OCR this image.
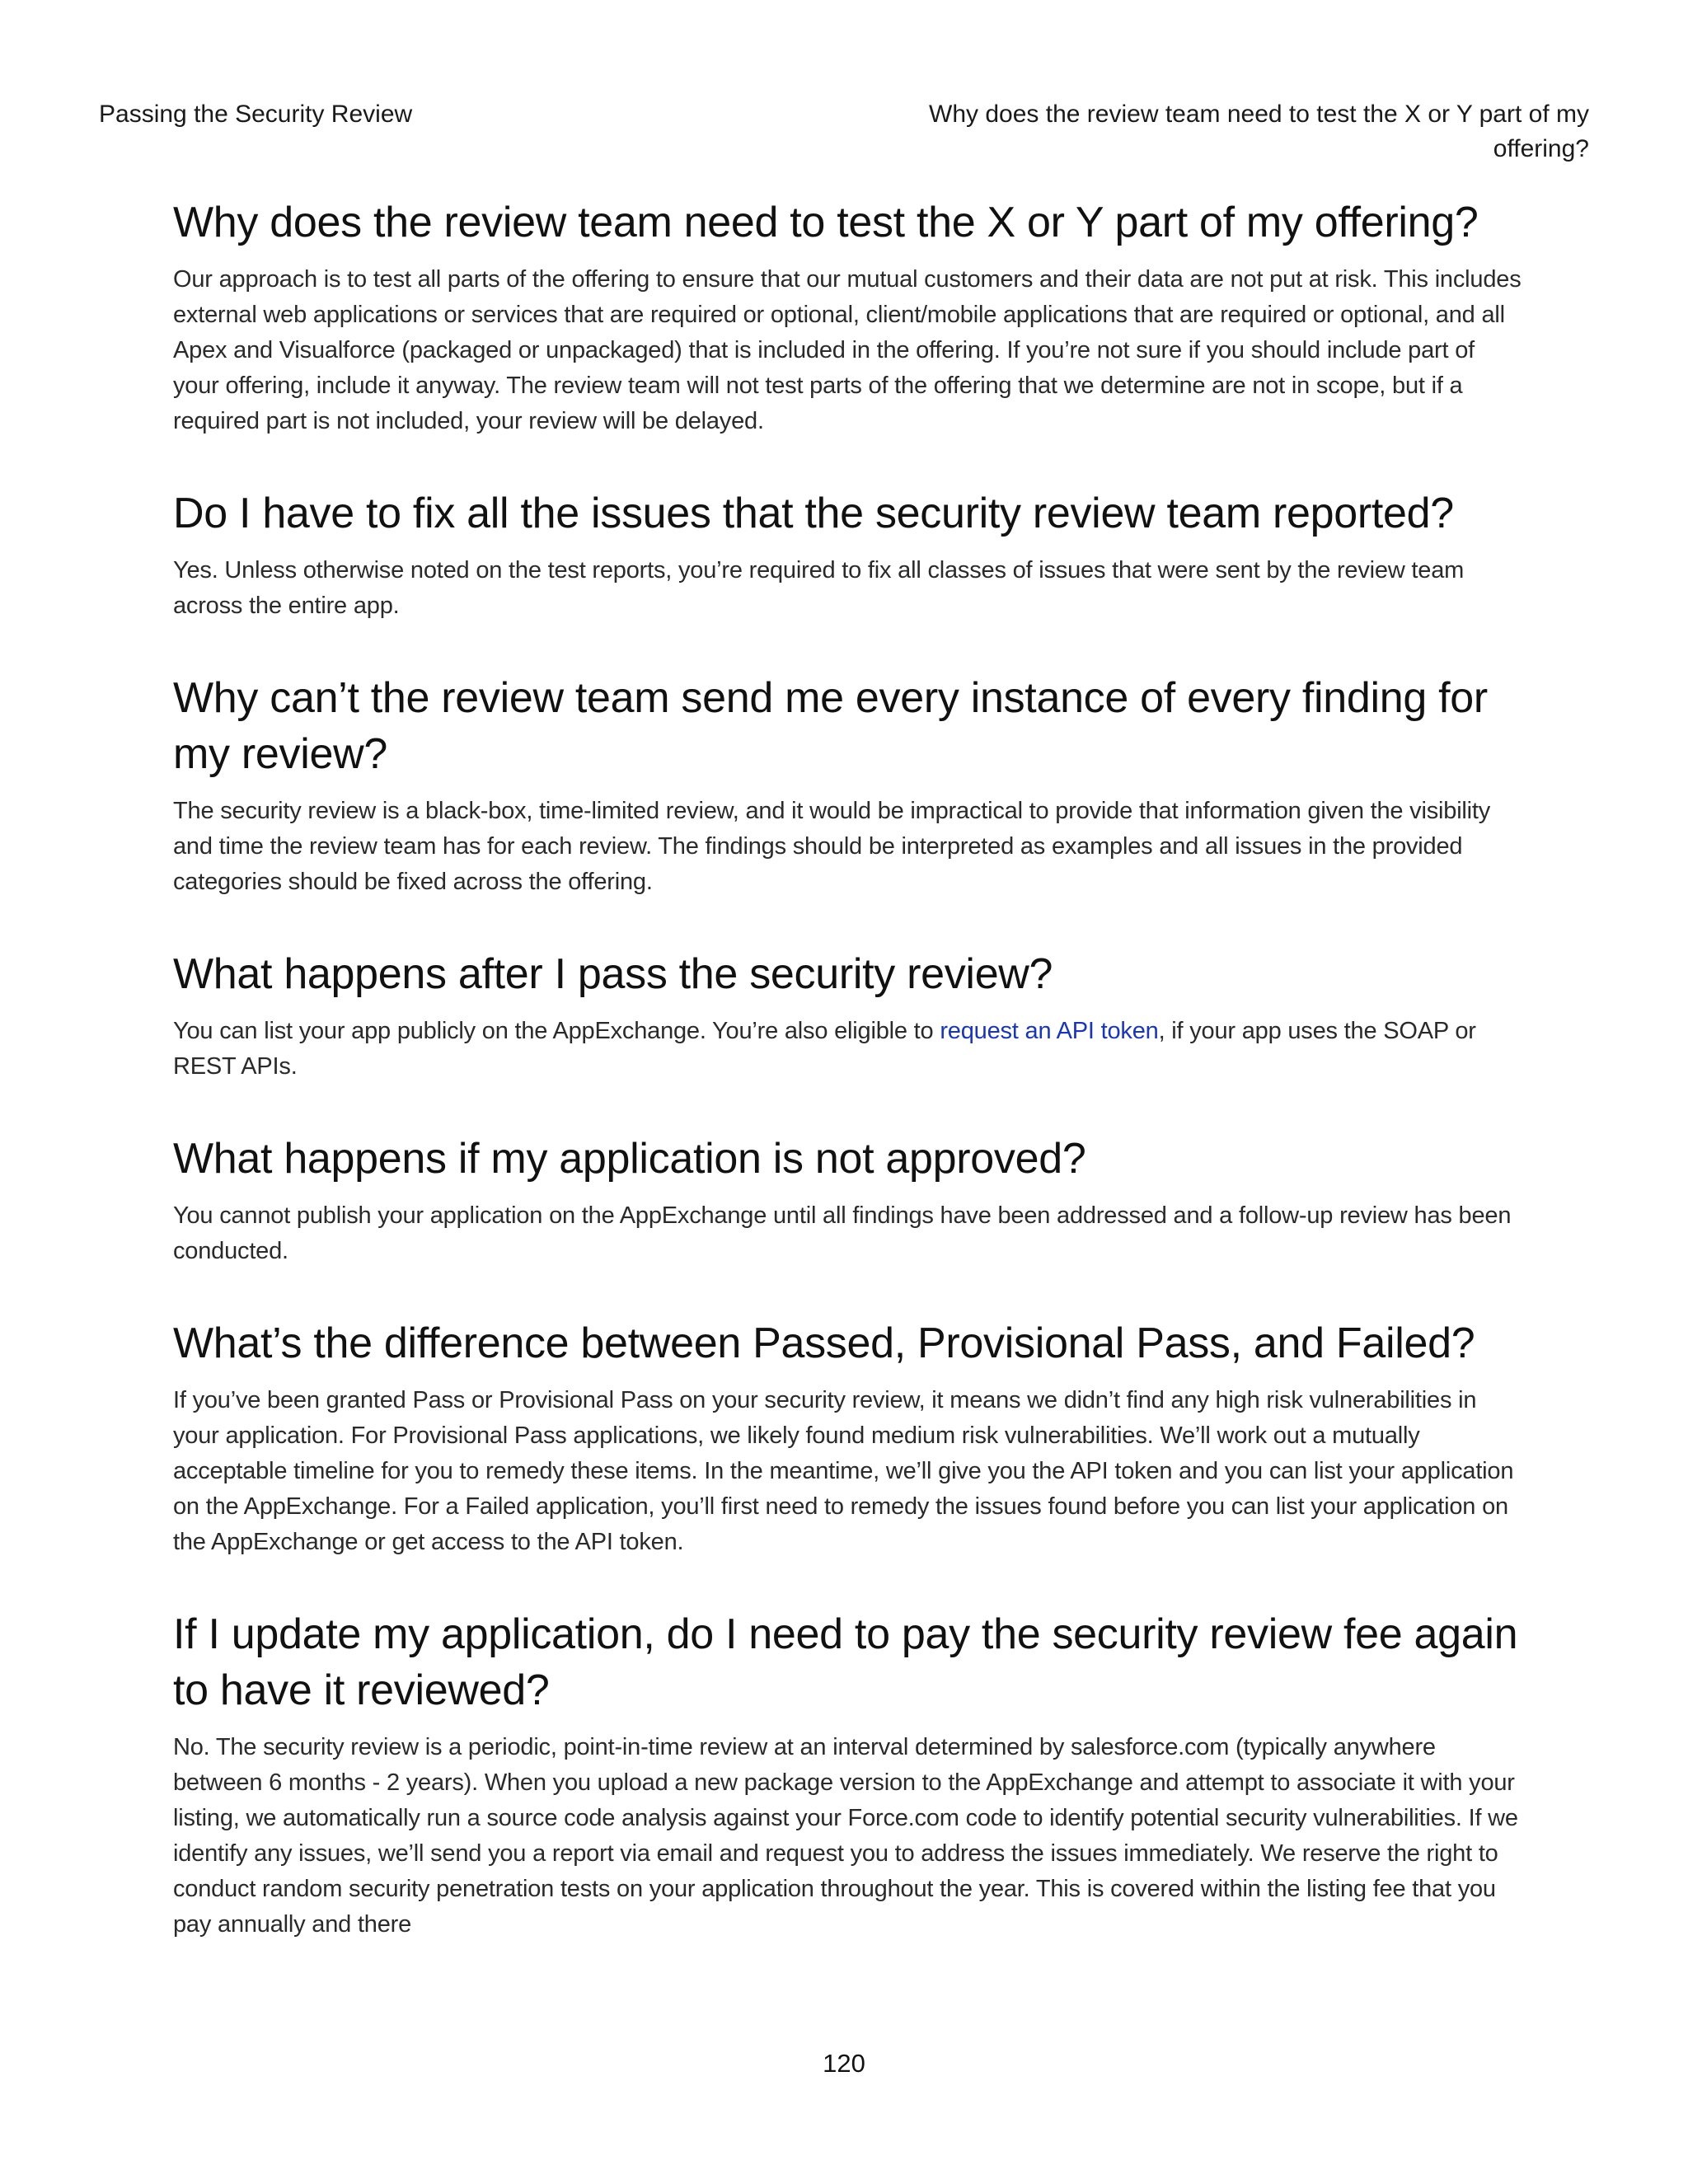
Passing the Security Review	Why does the review team need to test the X or Y part of my offering?
Why does the review team need to test the X or Y part of my offering?

Our approach is to test all parts of the offering to ensure that our mutual customers and their data are not put at risk. This includes external web applications or services that are required or optional, client/mobile applications that are required or optional, and all Apex and Visualforce (packaged or unpackaged) that is included in the offering. If you’re not sure if you should include part of your offering, include it anyway. The review team will not test parts of the offering that we determine are not in scope, but if a required part is not included, your review will be delayed.

Do I have to fix all the issues that the security review team reported?

Yes. Unless otherwise noted on the test reports, you’re required to fix all classes of issues that were sent by the review team across the entire app.

Why can’t the review team send me every instance of every finding for my review?

The security review is a black-box, time-limited review, and it would be impractical to provide that information given the visibility and time the review team has for each review. The findings should be interpreted as examples and all issues in the provided categories should be fixed across the offering.

What happens after I pass the security review?

You can list your app publicly on the AppExchange. You’re also eligible to request an API token, if your app uses the SOAP or REST APIs.

What happens if my application is not approved?

You cannot publish your application on the AppExchange until all findings have been addressed and a follow-up review has been conducted.

What’s the difference between Passed, Provisional Pass, and Failed?

If you’ve been granted Pass or Provisional Pass on your security review, it means we didn’t find any high risk vulnerabilities in your application. For Provisional Pass applications, we likely found medium risk vulnerabilities. We’ll work out a mutually acceptable timeline for you to remedy these items. In the meantime, we’ll give you the API token and you can list your application on the AppExchange. For a Failed application, you’ll first need to remedy the issues found before you can list your application on the AppExchange or get access to the API token.

If I update my application, do I need to pay the security review fee again to have it reviewed?

No. The security review is a periodic, point-in-time review at an interval determined by salesforce.com (typically anywhere between 6 months - 2 years). When you upload a new package version to the AppExchange and attempt to associate it with your listing, we automatically run a source code analysis against your Force.com code to identify potential security vulnerabilities. If we identify any issues, we’ll send you a report via email and request you to address the issues immediately. We reserve the right to conduct random security penetration tests on your application throughout the year. This is covered within the listing fee that you pay annually and there

120
